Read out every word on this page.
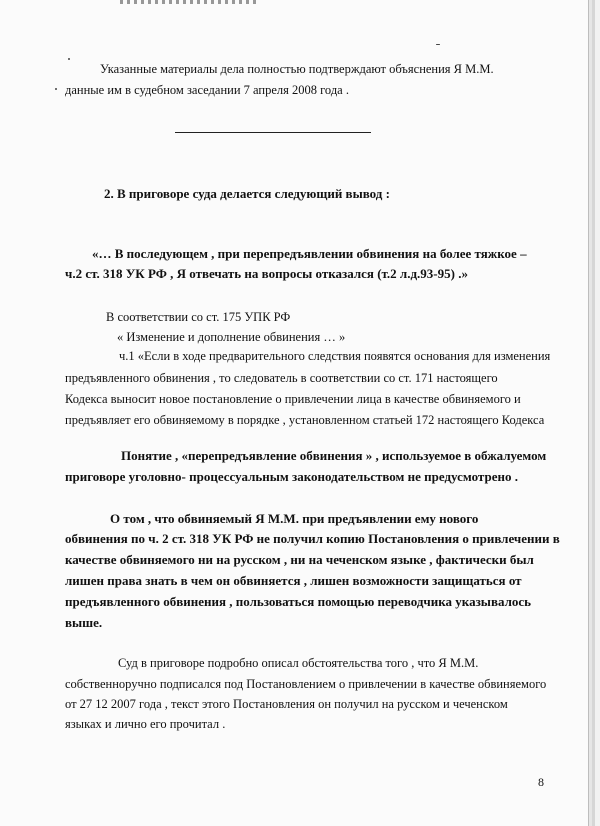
Указанные материалы дела полностью подтверждают объяснения Я М.М.
данные им в судебном заседании 7 апреля 2008 года .
2. В приговоре суда делается следующий вывод :
«… В последующем , при перепредъявлении обвинения на более тяжкое –
ч.2 ст. 318 УК РФ , Я отвечать на вопросы отказался (т.2 л.д.93-95) .»
В соответствии со ст. 175 УПК РФ
« Изменение и дополнение обвинения … »
ч.1 «Если в ходе предварительного следствия появятся основания для изменения
предъявленного обвинения , то следователь в соответствии со ст. 171 настоящего
Кодекса выносит новое постановление о привлечении лица в качестве обвиняемого и
предъявляет его обвиняемому в порядке , установленном статьей 172 настоящего Кодекса
Понятие , «перепредъявление обвинения » , используемое в обжалуемом
приговоре уголовно- процессуальным законодательством не предусмотрено .
О том , что обвиняемый Я М.М. при предъявлении ему нового
обвинения по ч. 2 ст. 318 УК РФ не получил копию Постановления о привлечении в
качестве обвиняемого ни на русском , ни на чеченском языке , фактически был
лишен права знать в чем он обвиняется , лишен возможности защищаться от
предъявленного обвинения , пользоваться помощью переводчика указывалось
выше.
Суд в приговоре подробно описал обстоятельства того , что Я М.М.
собственноручно подписался под Постановлением о привлечении в качестве обвиняемого
от 27 12 2007 года , текст этого Постановления он получил на русском и чеченском
языках и лично его прочитал .
8
